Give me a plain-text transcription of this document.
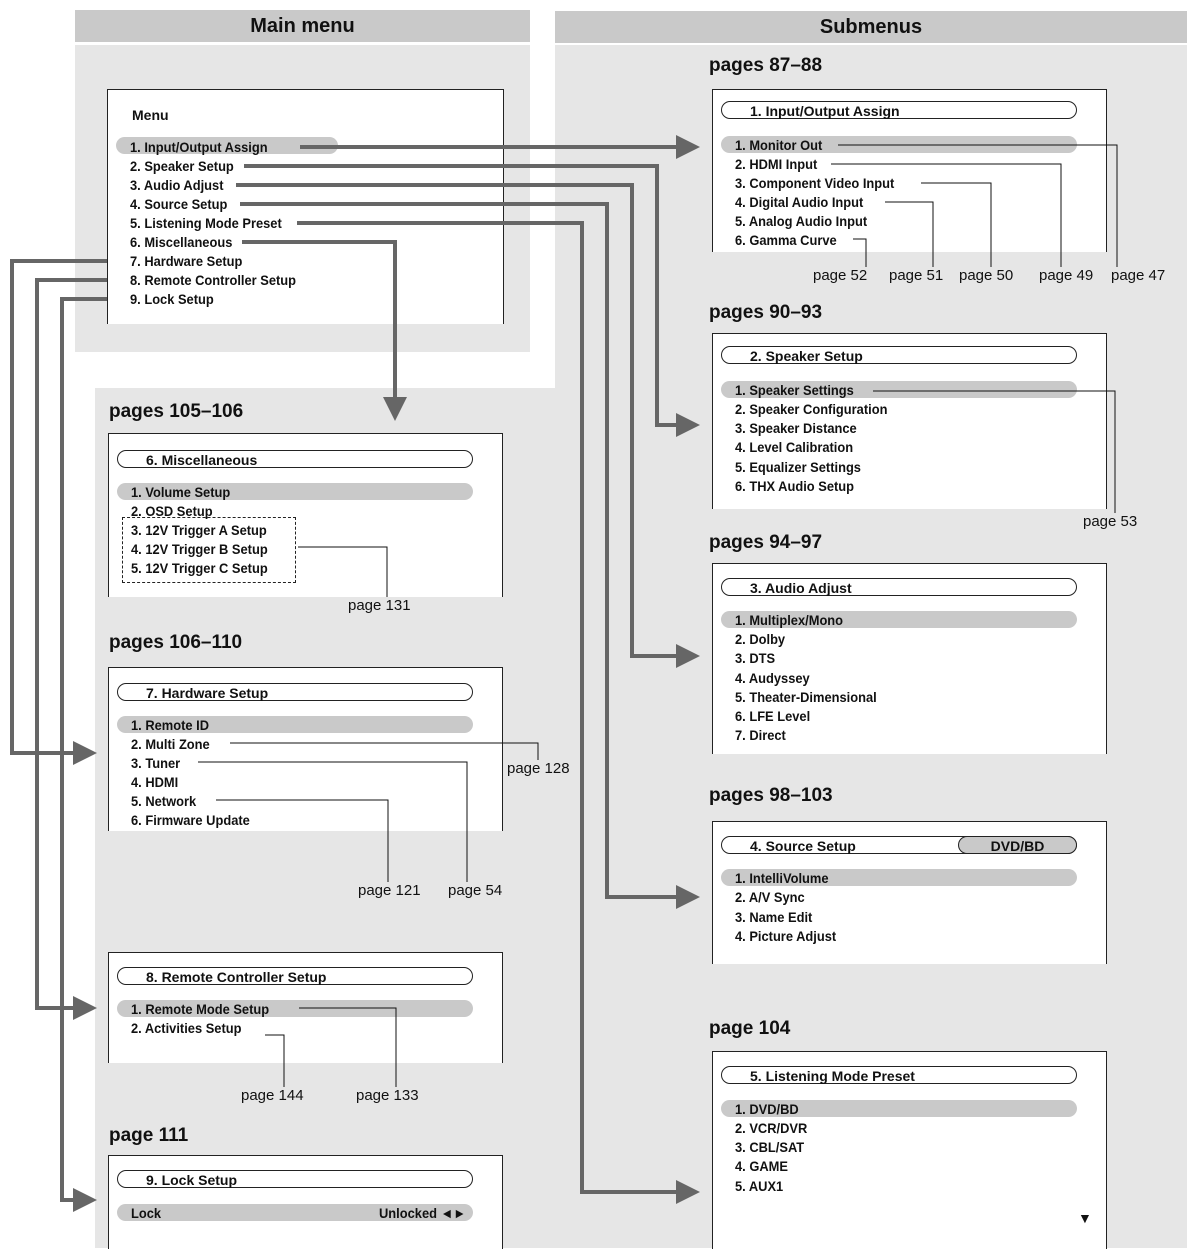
Main menu	Submenus
Menu
1. Input/Output Assign
2. Speaker Setup
3. Audio Adjust
4. Source Setup
5. Listening Mode Preset
6. Miscellaneous
7. Hardware Setup
8. Remote Controller Setup
9. Lock Setup
pages 87–88
1. Input/Output Assign
1. Monitor Out
2. HDMI Input
3. Component Video Input
4. Digital Audio Input
5. Analog Audio Input
6. Gamma Curve
page 52 page 51 page 50 page 49 page 47
pages 90–93
2. Speaker Setup
1. Speaker Settings
2. Speaker Configuration
3. Speaker Distance
4. Level Calibration
5. Equalizer Settings
6. THX Audio Setup
page 53
pages 94–97
3. Audio Adjust
1. Multiplex/Mono
2. Dolby
3. DTS
4. Audyssey
5. Theater-Dimensional
6. LFE Level
7. Direct
pages 98–103
4. Source Setup	DVD/BD
1. IntelliVolume
2. A/V Sync
3. Name Edit
4. Picture Adjust
page 104
5. Listening Mode Preset
1. DVD/BD
2. VCR/DVR
3. CBL/SAT
4. GAME
5. AUX1
▼
pages 105–106
6. Miscellaneous
1. Volume Setup
2. OSD Setup
3. 12V Trigger A Setup
4. 12V Trigger B Setup
5. 12V Trigger C Setup
page 131
pages 106–110
7. Hardware Setup
1. Remote ID
2. Multi Zone
3. Tuner
4. HDMI
5. Network
6. Firmware Update
page 128
page 121 page 54
8. Remote Controller Setup
1. Remote Mode Setup
2. Activities Setup
page 144	page 133
page 111
9. Lock Setup
Lock	Unlocked ◄►
